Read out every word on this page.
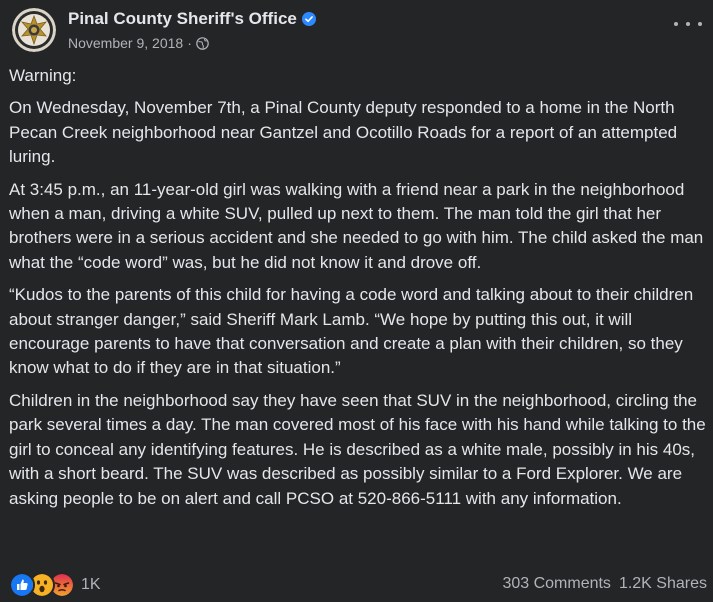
Pinal County Sheriff's Office
November 9, 2018 ·

Warning:

On Wednesday, November 7th, a Pinal County deputy responded to a home in the North Pecan Creek neighborhood near Gantzel and Ocotillo Roads for a report of an attempted luring.

At 3:45 p.m., an 11-year-old girl was walking with a friend near a park in the neighborhood when a man, driving a white SUV, pulled up next to them. The man told the girl that her brothers were in a serious accident and she needed to go with him. The child asked the man what the “code word” was, but he did not know it and drove off.

“Kudos to the parents of this child for having a code word and talking about to their children about stranger danger,” said Sheriff Mark Lamb. “We hope by putting this out, it will encourage parents to have that conversation and create a plan with their children, so they know what to do if they are in that situation.”

Children in the neighborhood say they have seen that SUV in the neighborhood, circling the park several times a day. The man covered most of his face with his hand while talking to the girl to conceal any identifying features. He is described as a white male, possibly in his 40s, with a short beard. The SUV was described as possibly similar to a Ford Explorer. We are asking people to be on alert and call PCSO at 520-866-5111 with any information.

1K	303 Comments 1.2K Shares
